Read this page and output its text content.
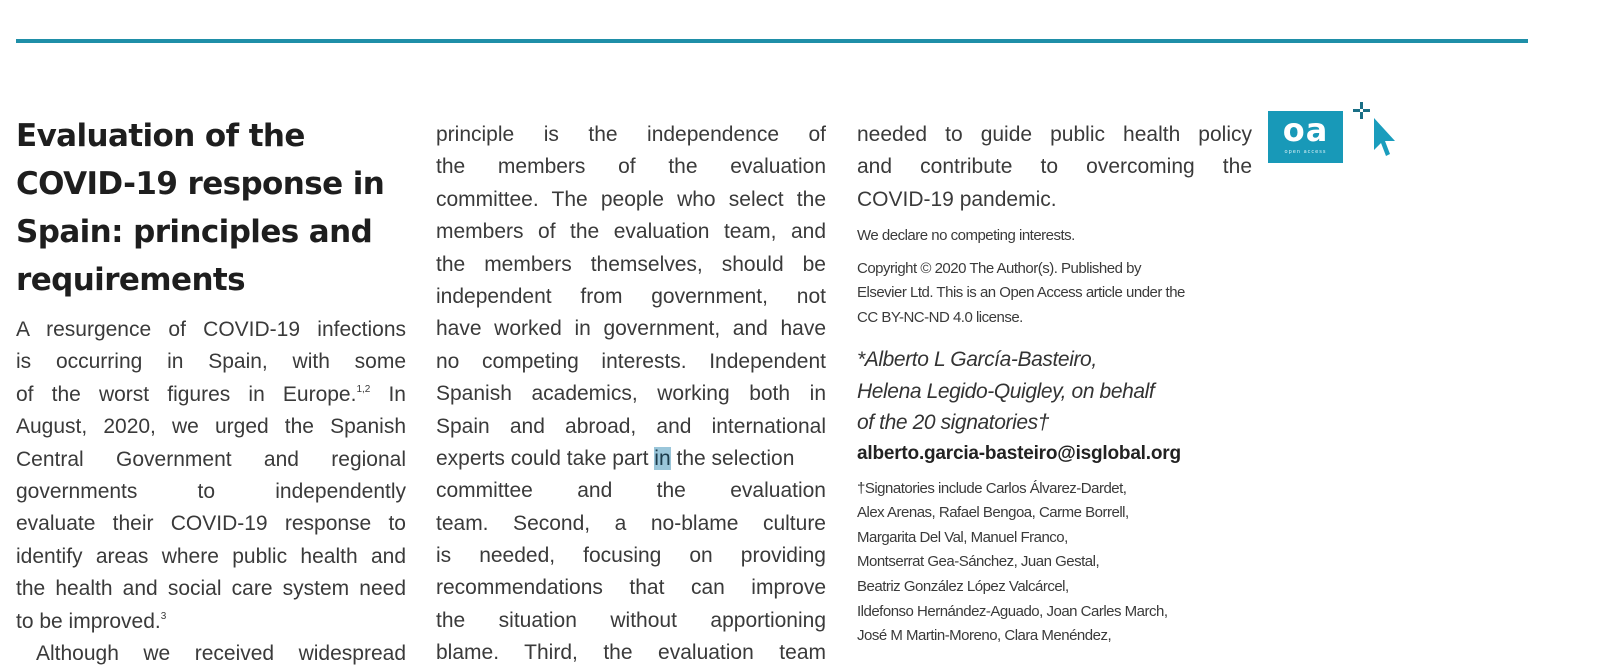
Evaluation of the
COVID-19 response in
Spain: principles and
requirements
A resurgence of COVID-19 infections
is occurring in Spain, with some
of the worst figures in Europe.$^{1,2}$ In
August, 2020, we urged the Spanish
Central Government and regional
governments to independently
evaluate their COVID-19 response to
identify areas where public health and
the health and social care system need
to be improved.$^3$
Although we received widespread
principle is the independence of
the members of the evaluation
committee. The people who select the
members of the evaluation team, and
the members themselves, should be
independent from government, not
have worked in government, and have
no competing interests. Independent
Spanish academics, working both in
Spain and abroad, and international
experts could take part in the selection
committee and the evaluation
team. Second, a no-blame culture
is needed, focusing on providing
recommendations that can improve
the situation without apportioning
blame. Third, the evaluation team
needed to guide public health policy
and contribute to overcoming the
COVID-19 pandemic.

We declare no competing interests.

Copyright © 2020 The Author(s). Published by

Elsevier Ltd. This is an Open Access article under the

CC BY-NC-ND 4.0 license.

*Alberto L García-Basteiro,
Helena Legido-Quigley, on behalf
of the 20 signatories†
alberto.garcia-basteiro@isglobal.org

†Signatories include Carlos Álvarez-Dardet,

Alex Arenas, Rafael Bengoa, Carme Borrell,

Margarita Del Val, Manuel Franco,

Montserrat Gea-Sánchez, Juan Gestal,

Beatriz González López Valcárcel,

Ildefonso Hernández-Aguado, Joan Carles March,

José M Martin-Moreno, Clara Menéndez,

oa
open access
